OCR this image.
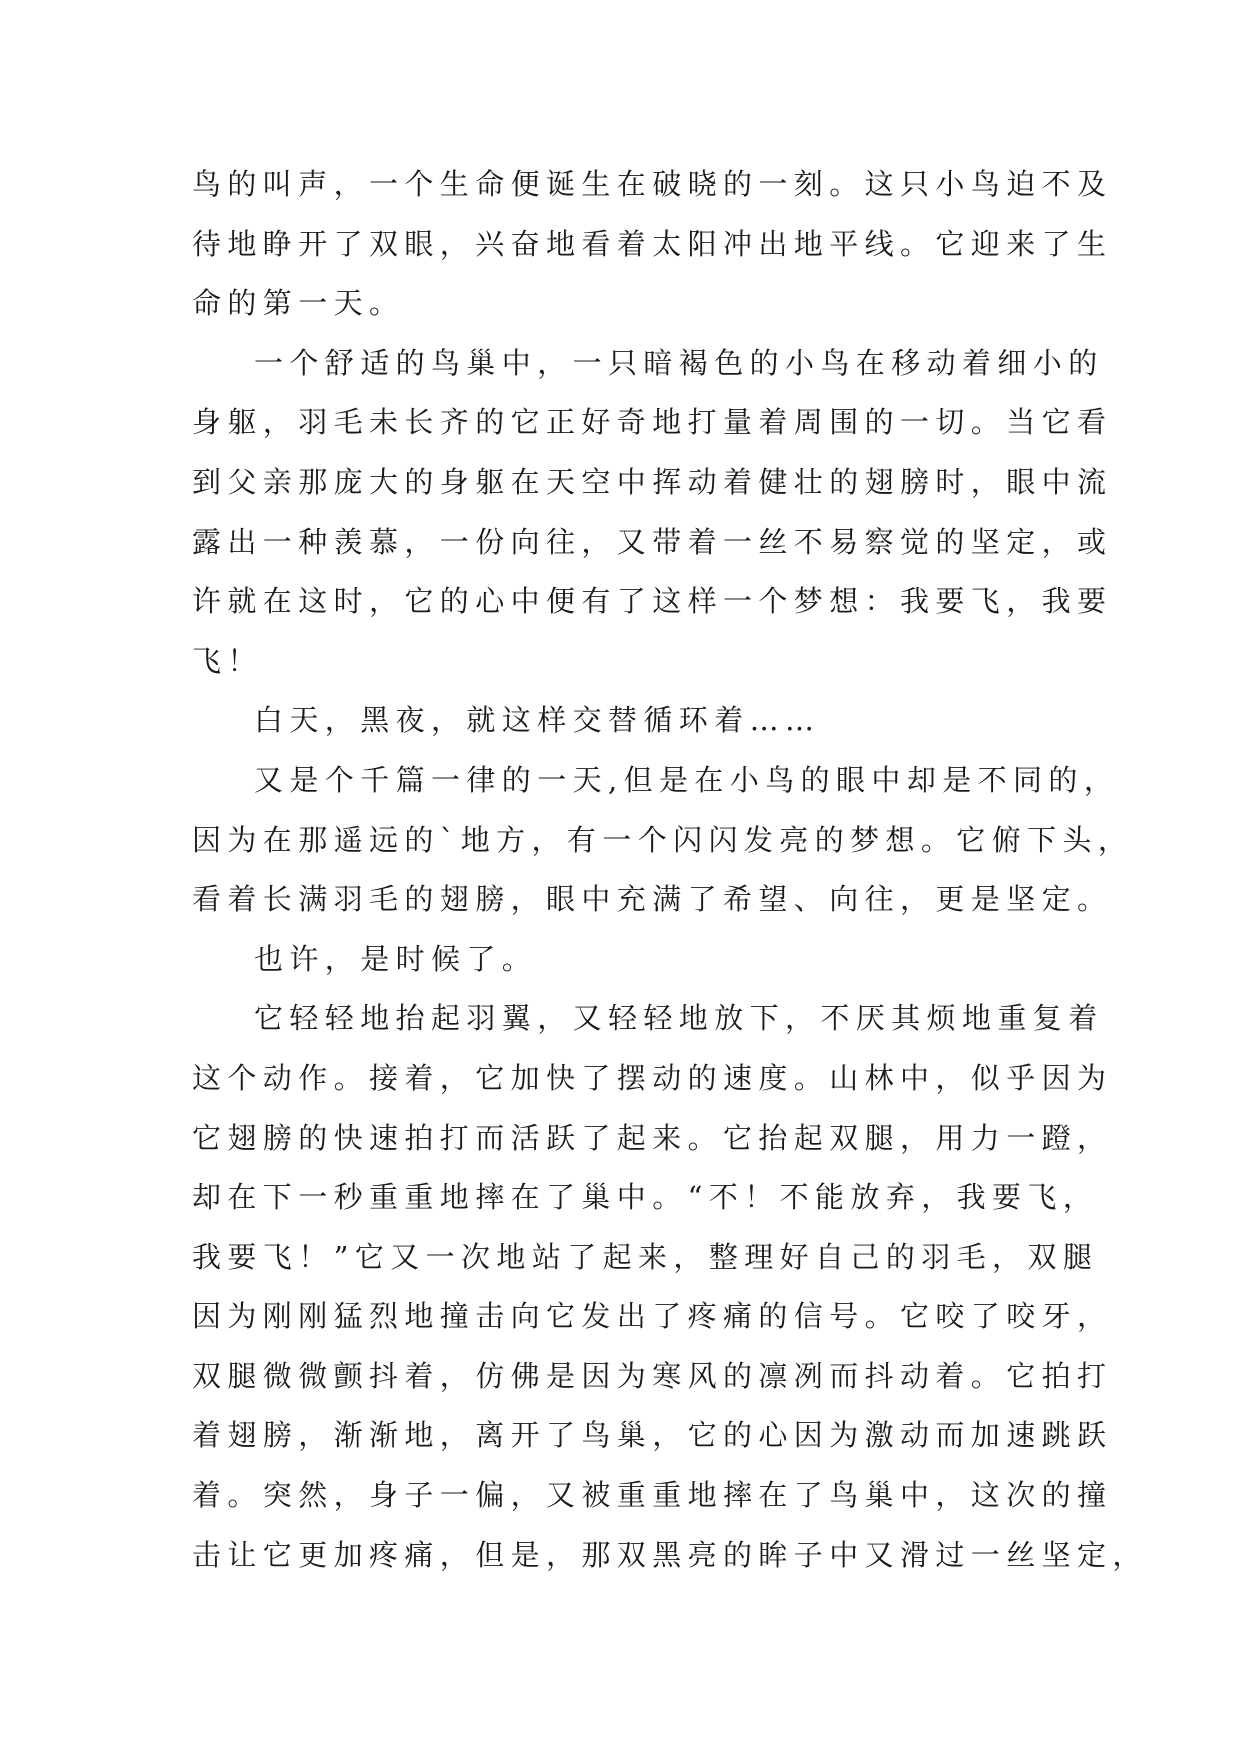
鸟的叫声，一个生命便诞生在破晓的一刻。这只小鸟迫不及
待地睁开了双眼，兴奋地看着太阳冲出地平线。它迎来了生
命的第一天。
一个舒适的鸟巢中，一只暗褐色的小鸟在移动着细小的
身躯，羽毛未长齐的它正好奇地打量着周围的一切。当它看
到父亲那庞大的身躯在天空中挥动着健壮的翅膀时，眼中流
露出一种羡慕，一份向往，又带着一丝不易察觉的坚定，或
许就在这时，它的心中便有了这样一个梦想：我要飞，我要
飞！
白天，黑夜，就这样交替循环着……
又是个千篇一律的一天,但是在小鸟的眼中却是不同的，
因为在那遥远的`地方，有一个闪闪发亮的梦想。它俯下头，
看着长满羽毛的翅膀，眼中充满了希望、向往，更是坚定。
也许，是时候了。
它轻轻地抬起羽翼，又轻轻地放下，不厌其烦地重复着
这个动作。接着，它加快了摆动的速度。山林中，似乎因为
它翅膀的快速拍打而活跃了起来。它抬起双腿，用力一蹬，
却在下一秒重重地摔在了巢中。“不！不能放弃，我要飞，
我要飞！”它又一次地站了起来，整理好自己的羽毛，双腿
因为刚刚猛烈地撞击向它发出了疼痛的信号。它咬了咬牙，
双腿微微颤抖着，仿佛是因为寒风的凛冽而抖动着。它拍打
着翅膀，渐渐地，离开了鸟巢，它的心因为激动而加速跳跃
着。突然，身子一偏，又被重重地摔在了鸟巢中，这次的撞
击让它更加疼痛，但是，那双黑亮的眸子中又滑过一丝坚定，
